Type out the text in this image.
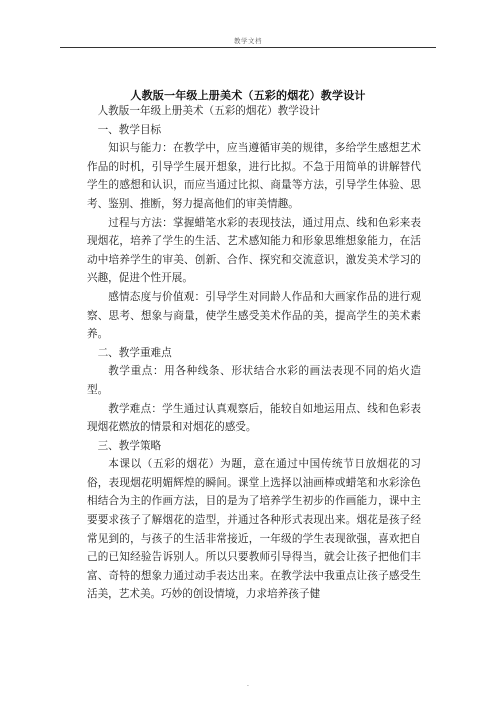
教学文档
人教版一年级上册美术（五彩的烟花）教学设计

人教版一年级上册美术（五彩的烟花）教学设计

一、教学目标

知识与能力：在教学中，应当遵循审美的规律，多给学生感想艺术作品的时机，引导学生展开想象，进行比拟。不急于用简单的讲解替代学生的感想和认识，而应当通过比拟、商量等方法，引导学生体验、思考、鉴别、推断，努力提高他们的审美情趣。

过程与方法：掌握蜡笔水彩的表现技法，通过用点、线和色彩来表现烟花，培养了学生的生活、艺术感知能力和形象思维想象能力，在活动中培养学生的审美、创新、合作、探究和交流意识，激发美术学习的兴趣，促进个性开展。

感情态度与价值观：引导学生对同龄人作品和大画家作品的进行观察、思考、想象与商量，使学生感受美术作品的美，提高学生的美术素养。

二、教学重难点

教学重点：用各种线条、形状结合水彩的画法表现不同的焰火造型。

教学难点：学生通过认真观察后，能较自如地运用点、线和色彩表现烟花燃放的情景和对烟花的感受。

三、教学策略

本课以（五彩的烟花）为题，意在通过中国传统节日放烟花的习俗，表现烟花明媚辉煌的瞬间。课堂上选择以油画棒或蜡笔和水彩涂色相结合为主的作画方法，目的是为了培养学生初步的作画能力，课中主要要求孩子了解烟花的造型，并通过各种形式表现出来。烟花是孩子经常见到的，与孩子的生活非常接近，一年级的学生表现欲强，喜欢把自己的已知经验告诉别人。所以只要教师引导得当，就会让孩子把他们丰富、奇特的想象力通过动手表达出来。在教学法中我重点让孩子感受生活美，艺术美。巧妙的创设情境，力求培养孩子健

.
